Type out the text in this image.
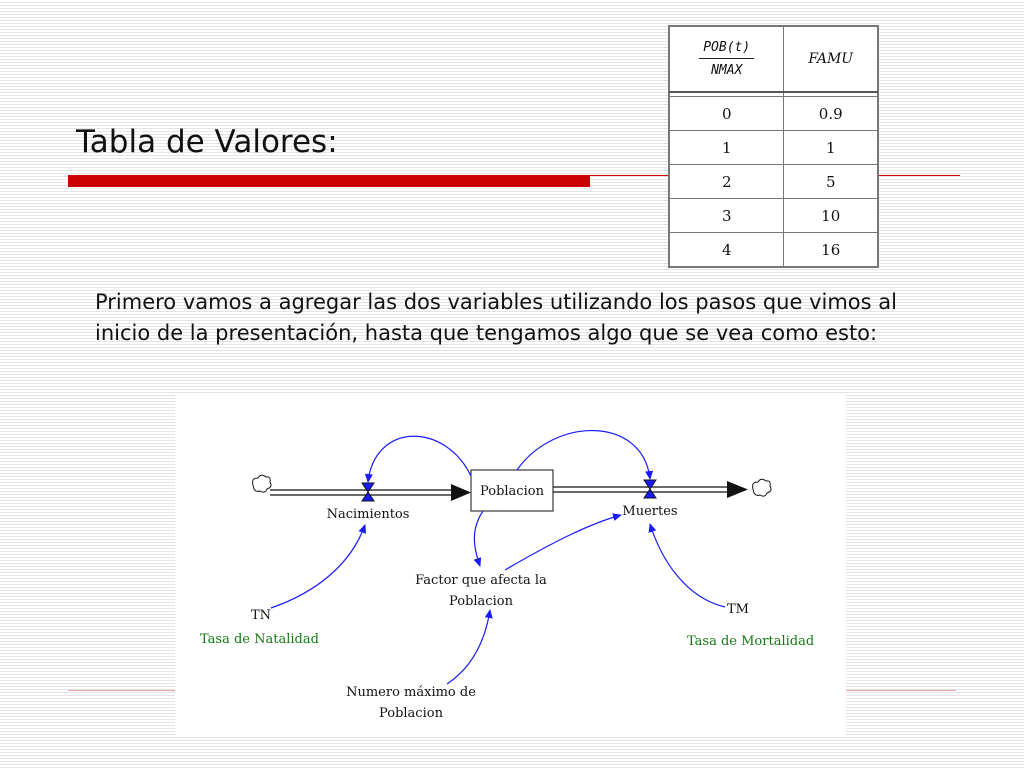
Tabla de Valores:
$\frac{\text{POB(t)}}{\text{NMAX}}$	FAMU

0	0.9
1	1
2	5
3	10
4	16

Primero vamos a agregar las dos variables utilizando los pasos que vimos al inicio de la presentación, hasta que tengamos algo que se vea como esto:

Poblacion
Nacimientos	Muertes
Factor que afecta la
Poblacion
TN
Tasa de Natalidad
TM
Tasa de Mortalidad
Numero máximo de
Poblacion
